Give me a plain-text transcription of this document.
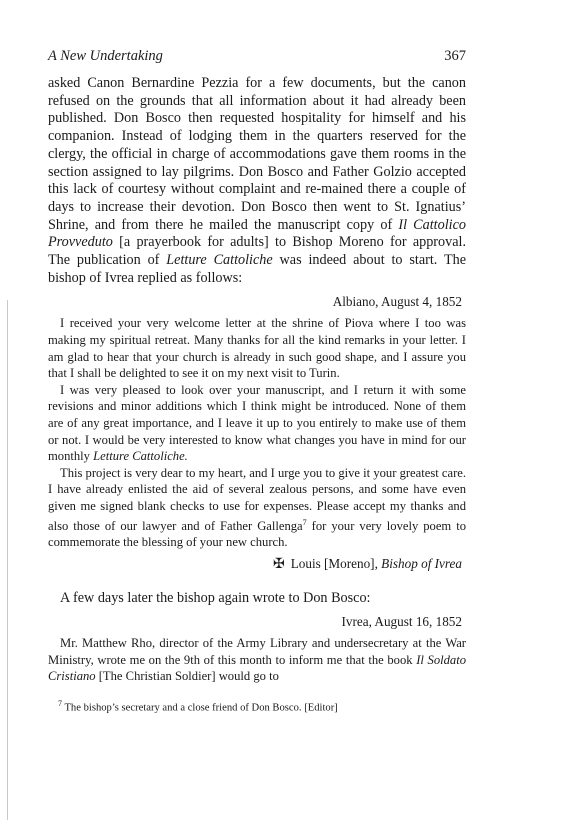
A New Undertaking	367

asked Canon Bernardine Pezzia for a few documents, but the canon refused on the grounds that all information about it had already been published. Don Bosco then requested hospitality for himself and his companion. Instead of lodging them in the quarters reserved for the clergy, the official in charge of accommodations gave them rooms in the section assigned to lay pilgrims. Don Bosco and Father Golzio accepted this lack of courtesy without complaint and re-mained there a couple of days to increase their devotion. Don Bosco then went to St. Ignatius’ Shrine, and from there he mailed the manuscript copy of Il Cattolico Provveduto [a prayerbook for adults] to Bishop Moreno for approval. The publication of Letture Cattoliche was indeed about to start. The bishop of Ivrea replied as follows:

Albiano, August 4, 1852

I received your very welcome letter at the shrine of Piova where I too was making my spiritual retreat. Many thanks for all the kind remarks in your letter. I am glad to hear that your church is already in such good shape, and I assure you that I shall be delighted to see it on my next visit to Turin.

I was very pleased to look over your manuscript, and I return it with some revisions and minor additions which I think might be introduced. None of them are of any great importance, and I leave it up to you entirely to make use of them or not. I would be very interested to know what changes you have in mind for our monthly Letture Cattoliche.

This project is very dear to my heart, and I urge you to give it your greatest care. I have already enlisted the aid of several zealous persons, and some have even given me signed blank checks to use for expenses. Please accept my thanks and also those of our lawyer and of Father Gallenga$^7$ for your very lovely poem to commemorate the blessing of your new church.

✠ Louis [Moreno], Bishop of Ivrea

A few days later the bishop again wrote to Don Bosco:

Ivrea, August 16, 1852

Mr. Matthew Rho, director of the Army Library and undersecretary at the War Ministry, wrote me on the 9th of this month to inform me that the book Il Soldato Cristiano [The Christian Soldier] would go to

$^7$ The bishop’s secretary and a close friend of Don Bosco. [Editor]
